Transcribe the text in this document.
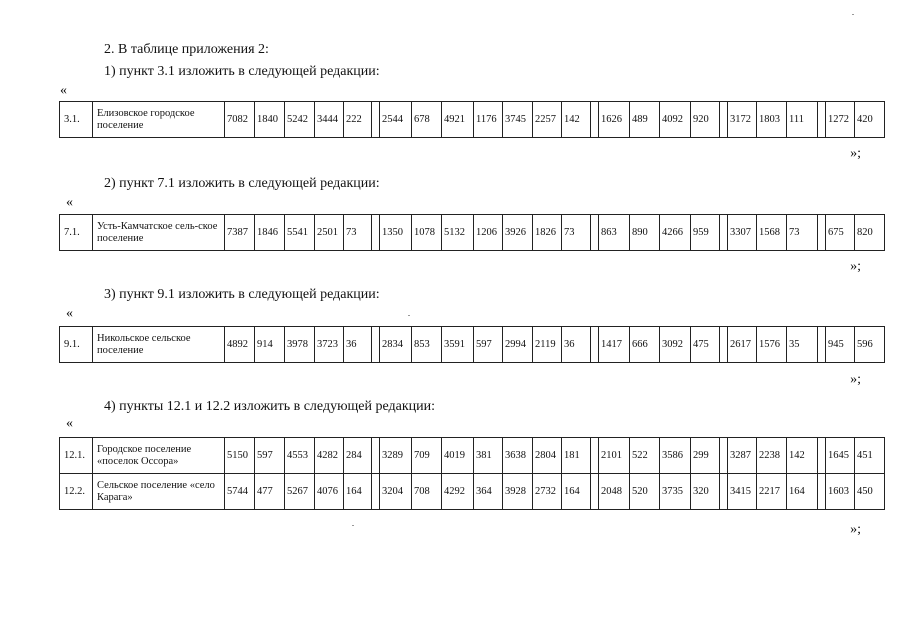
2. В таблице приложения 2:
1) пункт 3.1 изложить в следующей редакции:
«
3.1.	Елизовское городское поселение	7082	1840	5242	3444	222		2544	678	4921	1176	3745	2257	142		1626	489	4092	920		3172	1803	111		1272	420
»;
2) пункт 7.1 изложить в следующей редакции:
«
7.1.	Усть-Камчатское сель-ское поселение	7387	1846	5541	2501	73		1350	1078	5132	1206	3926	1826	73		863	890	4266	959		3307	1568	73		675	820
»;
3) пункт 9.1 изложить в следующей редакции:
«
9.1.	Никольское сельское поселение	4892	914	3978	3723	36		2834	853	3591	597	2994	2119	36		1417	666	3092	475		2617	1576	35		945	596
»;
4) пункты 12.1 и 12.2 изложить в следующей редакции:
«
12.1.	Городское поселение «поселок Оссора»	5150	597	4553	4282	284		3289	709	4019	381	3638	2804	181		2101	522	3586	299		3287	2238	142		1645	451
12.2.	Сельское поселение «село Карага»	5744	477	5267	4076	164		3204	708	4292	364	3928	2732	164		2048	520	3735	320		3415	2217	164		1603	450
»;
